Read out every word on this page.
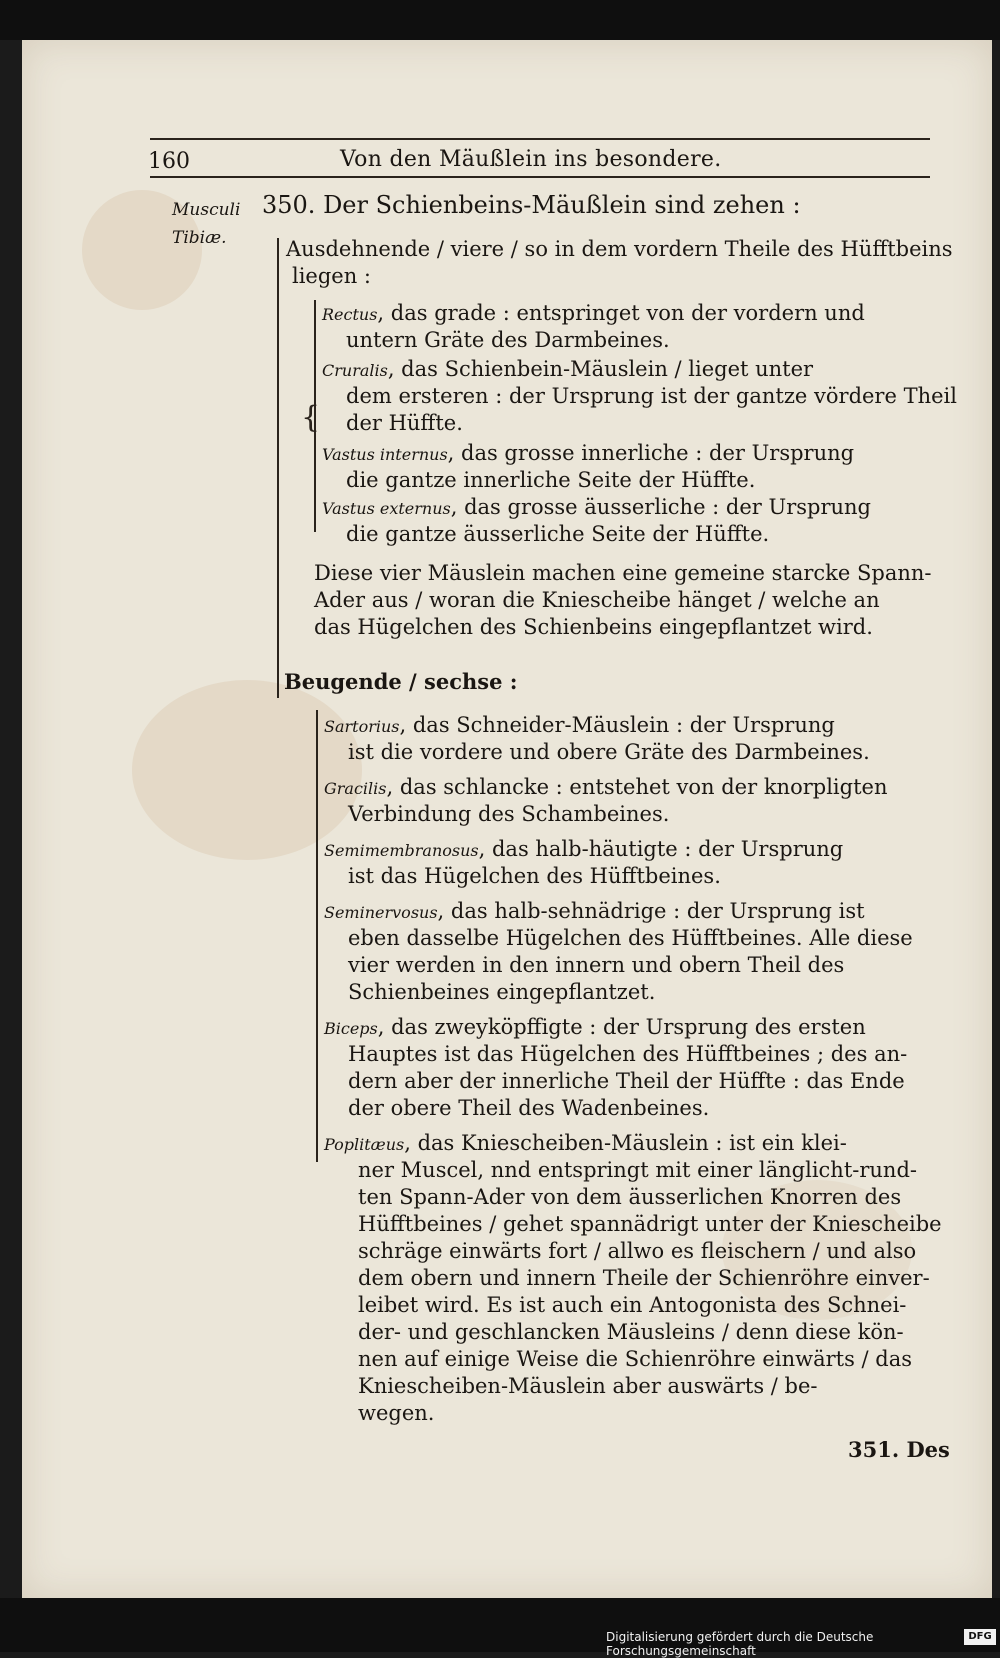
160	Von den Mäußlein ins besondere.
Musculi
Tibiæ.
350. Der Schienbeins-Mäußlein sind zehen :
{
Ausdehnende / viere / so in dem vordern Theile des Hüfftbeins
liegen :
Rectus, das grade : entspringet von der vordern und
untern Gräte des Darmbeines.
Cruralis, das Schienbein-Mäuslein / lieget unter
dem ersteren : der Ursprung ist der gantze vördere Theil
der Hüffte.
Vastus internus, das grosse innerliche : der Ursprung
die gantze innerliche Seite der Hüffte.
Vastus externus, das grosse äusserliche : der Ursprung
die gantze äusserliche Seite der Hüffte.
Diese vier Mäuslein machen eine gemeine starcke Spann-
Ader aus / woran die Kniescheibe hänget / welche an
das Hügelchen des Schienbeins eingepflantzet wird.
Beugende / sechse :
Sartorius, das Schneider-Mäuslein : der Ursprung
ist die vordere und obere Gräte des Darmbeines.
Gracilis, das schlancke : entstehet von der knorpligten
Verbindung des Schambeines.
Semimembranosus, das halb-häutigte : der Ursprung
ist das Hügelchen des Hüfftbeines.
Seminervosus, das halb-sehnädrige : der Ursprung ist
eben dasselbe Hügelchen des Hüfftbeines. Alle diese
vier werden in den innern und obern Theil des
Schienbeines eingepflantzet.
Biceps, das zweyköpffigte : der Ursprung des ersten
Hauptes ist das Hügelchen des Hüfftbeines ; des an-
dern aber der innerliche Theil der Hüffte : das Ende
der obere Theil des Wadenbeines.
Poplitæus, das Kniescheiben-Mäuslein : ist ein klei-
ner Muscel, nnd entspringt mit einer länglicht-rund-
ten Spann-Ader von dem äusserlichen Knorren des
Hüfftbeines / gehet spannädrigt unter der Kniescheibe
schräge einwärts fort / allwo es fleischern / und also
dem obern und innern Theile der Schienröhre einver-
leibet wird. Es ist auch ein Antogonista des Schnei-
der- und geschlancken Mäusleins / denn diese kön-
nen auf einige Weise die Schienröhre einwärts / das
Kniescheiben-Mäuslein aber auswärts / be-
wegen.
351. Des
Digitalisierung gefördert durch die Deutsche Forschungsgemeinschaft
DFG
